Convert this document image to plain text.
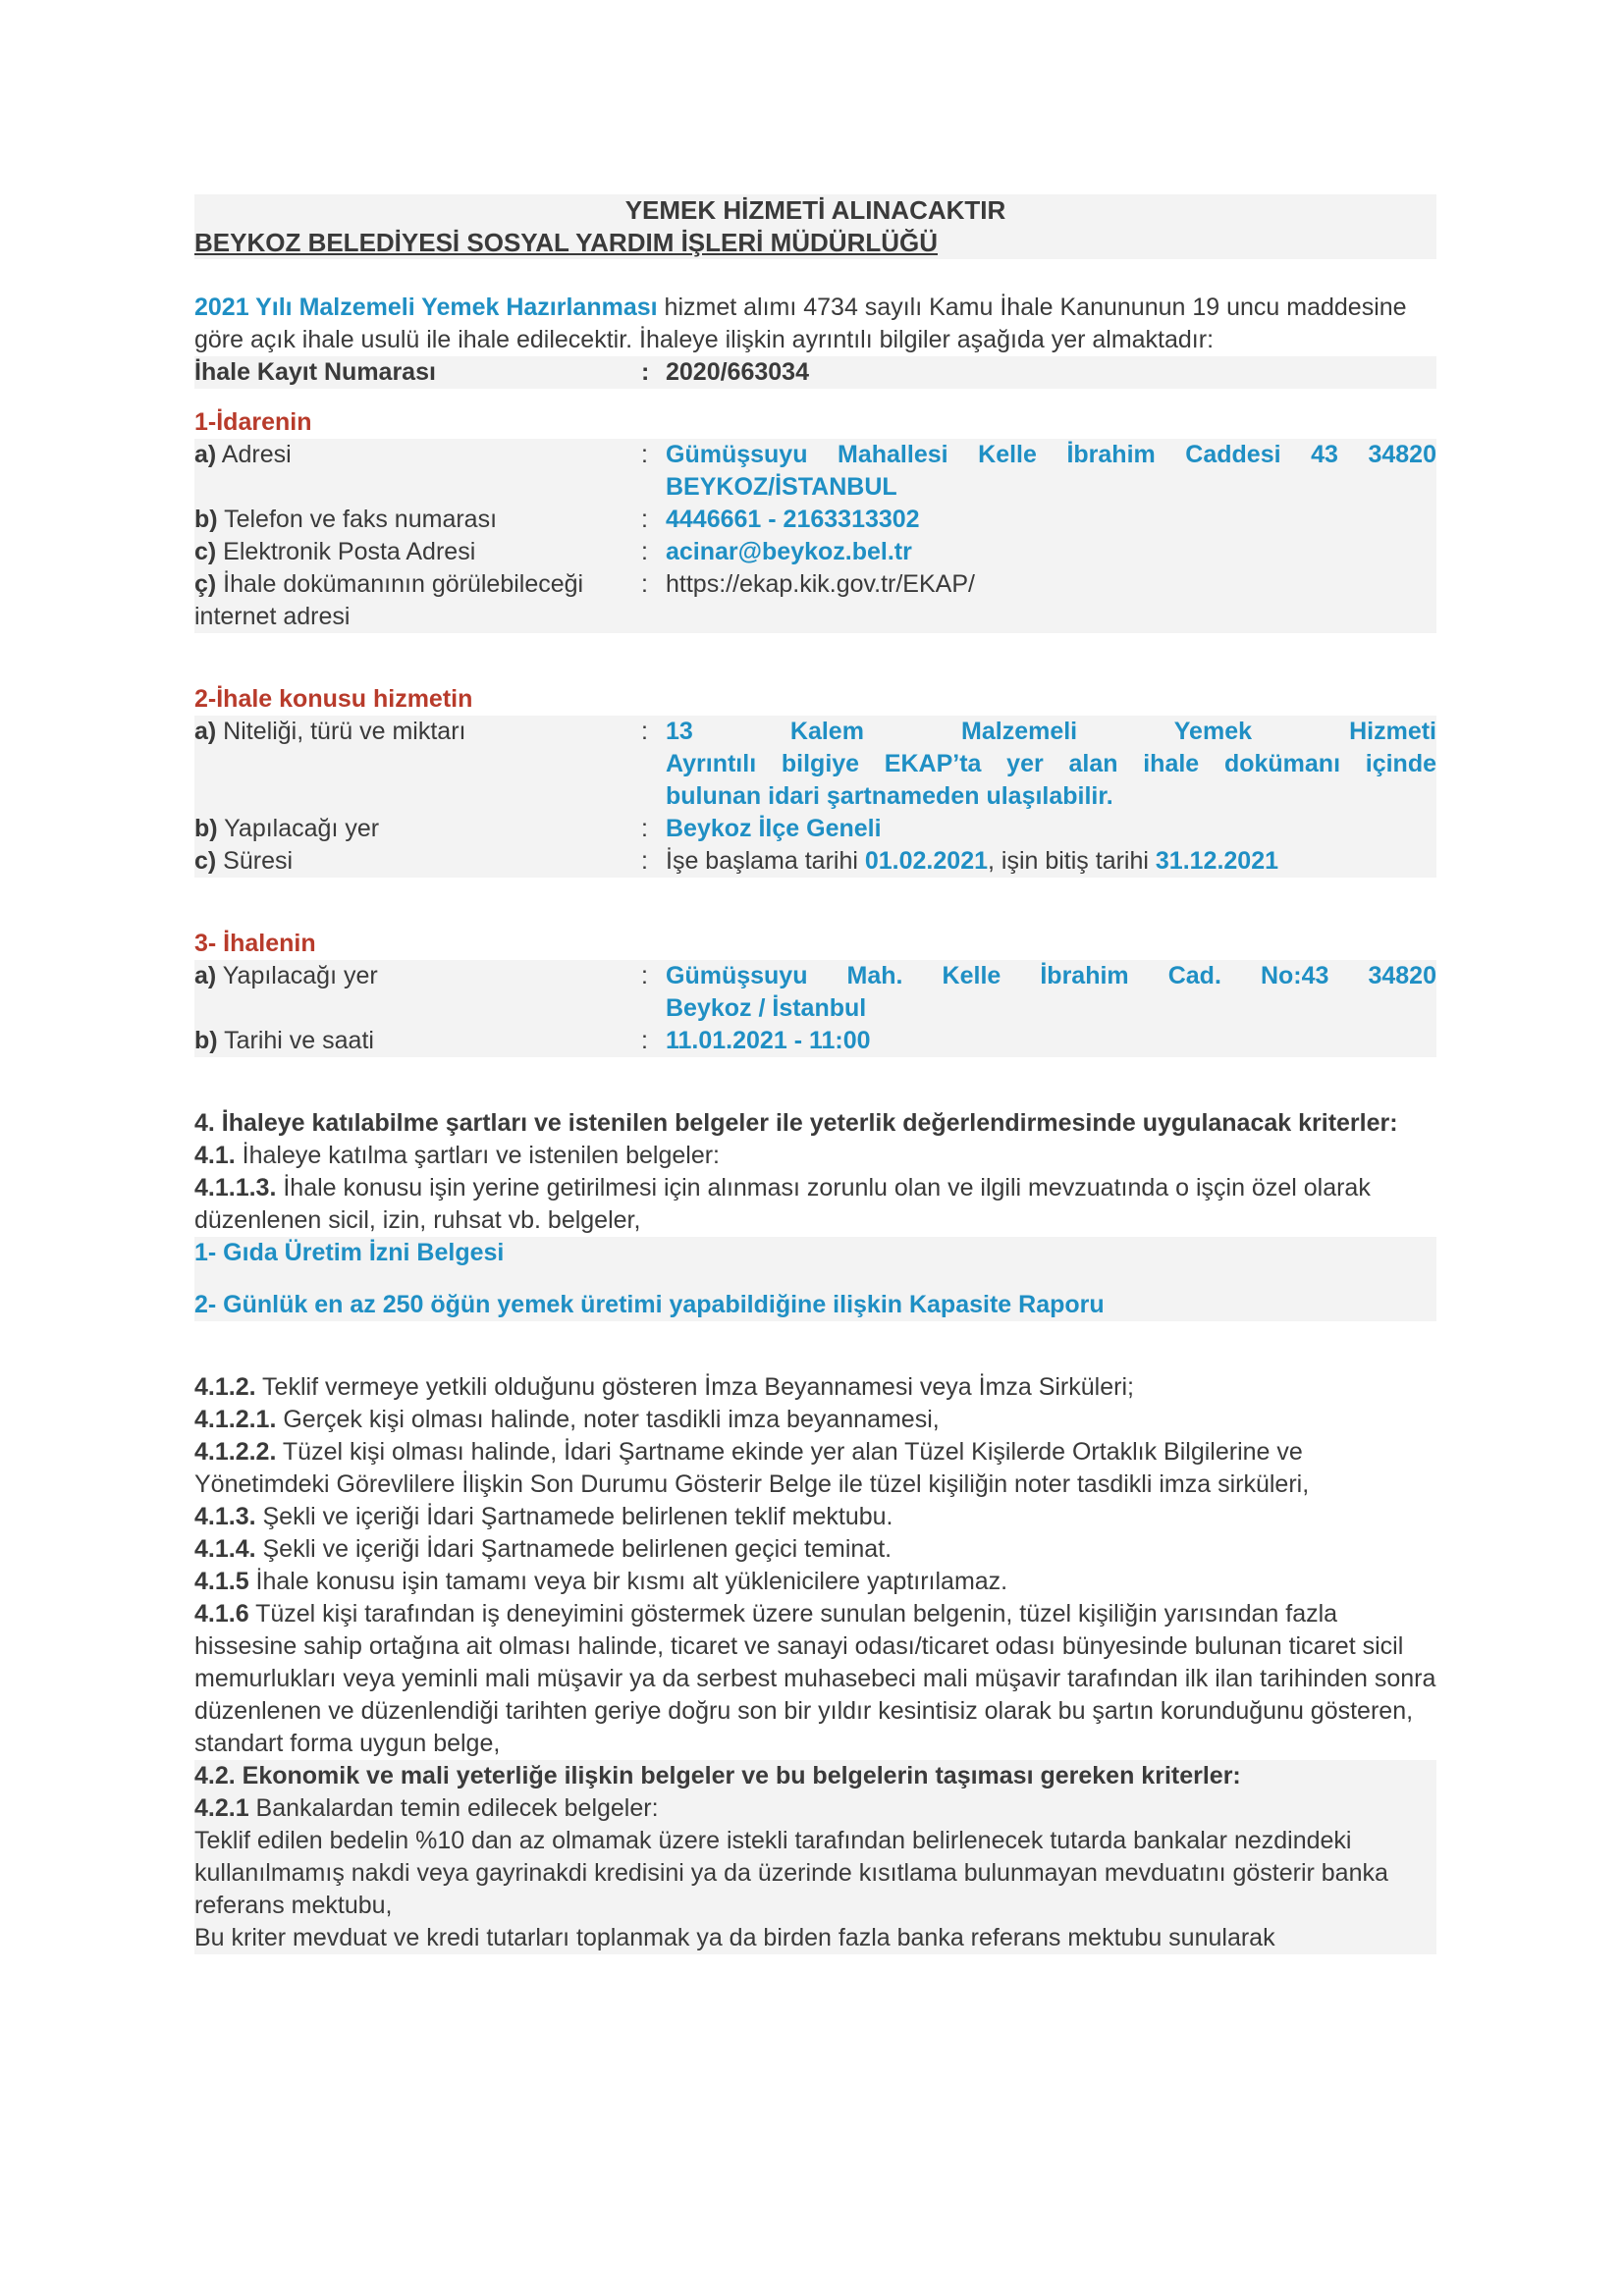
YEMEK HİZMETİ ALINACAKTIR
BEYKOZ BELEDİYESİ SOSYAL YARDIM İŞLERİ MÜDÜRLÜĞÜ

2021 Yılı Malzemeli Yemek Hazırlanması hizmet alımı 4734 sayılı Kamu İhale Kanununun 19 uncu maddesine göre açık ihale usulü ile ihale edilecektir. İhaleye ilişkin ayrıntılı bilgiler aşağıda yer almaktadır:

İhale Kayıt Numarası	: 2020/663034
1-İdarenin
a) Adresi	: Gümüşsuyu Mahallesi Kelle İbrahim Caddesi 43 34820
BEYKOZ/İSTANBUL
b) Telefon ve faks numarası	: 4446661 - 2163313302
c) Elektronik Posta Adresi	: acinar@beykoz.bel.tr
ç) İhale dokümanının görülebileceği internet adresi
: https://ekap.kik.gov.tr/EKAP/
2-İhale konusu hizmetin
a) Niteliği, türü ve miktarı	: 13 Kalem Malzemeli Yemek Hizmeti
Ayrıntılı bilgiye EKAP’ta yer alan ihale dokümanı içinde
bulunan idari şartnameden ulaşılabilir.
b) Yapılacağı yer	: Beykoz İlçe Geneli
c) Süresi	: İşe başlama tarihi 01.02.2021, işin bitiş tarihi 31.12.2021
3- İhalenin
a) Yapılacağı yer	: Gümüşsuyu Mah. Kelle İbrahim Cad. No:43 34820
Beykoz / İstanbul
b) Tarihi ve saati	: 11.01.2021 - 11:00
4. İhaleye katılabilme şartları ve istenilen belgeler ile yeterlik değerlendirmesinde uygulanacak kriterler:

4.1. İhaleye katılma şartları ve istenilen belgeler:

4.1.1.3. İhale konusu işin yerine getirilmesi için alınması zorunlu olan ve ilgili mevzuatında o işçin özel olarak düzenlenen sicil, izin, ruhsat vb. belgeler,

1- Gıda Üretim İzni Belgesi
2- Günlük en az 250 öğün yemek üretimi yapabildiğine ilişkin Kapasite Raporu

4.1.2. Teklif vermeye yetkili olduğunu gösteren İmza Beyannamesi veya İmza Sirküleri;

4.1.2.1. Gerçek kişi olması halinde, noter tasdikli imza beyannamesi,

4.1.2.2. Tüzel kişi olması halinde, İdari Şartname ekinde yer alan Tüzel Kişilerde Ortaklık Bilgilerine ve Yönetimdeki Görevlilere İlişkin Son Durumu Gösterir Belge ile tüzel kişiliğin noter tasdikli imza sirküleri,

4.1.3. Şekli ve içeriği İdari Şartnamede belirlenen teklif mektubu.

4.1.4. Şekli ve içeriği İdari Şartnamede belirlenen geçici teminat.

4.1.5 İhale konusu işin tamamı veya bir kısmı alt yüklenicilere yaptırılamaz.

4.1.6 Tüzel kişi tarafından iş deneyimini göstermek üzere sunulan belgenin, tüzel kişiliğin yarısından fazla hissesine sahip ortağına ait olması halinde, ticaret ve sanayi odası/ticaret odası bünyesinde bulunan ticaret sicil memurlukları veya yeminli mali müşavir ya da serbest muhasebeci mali müşavir tarafından ilk ilan tarihinden sonra düzenlenen ve düzenlendiği tarihten geriye doğru son bir yıldır kesintisiz olarak bu şartın korunduğunu gösteren, standart forma uygun belge,

4.2. Ekonomik ve mali yeterliğe ilişkin belgeler ve bu belgelerin taşıması gereken kriterler:

4.2.1 Bankalardan temin edilecek belgeler:

Teklif edilen bedelin %10 dan az olmamak üzere istekli tarafından belirlenecek tutarda bankalar nezdindeki kullanılmamış nakdi veya gayrinakdi kredisini ya da üzerinde kısıtlama bulunmayan mevduatını gösterir banka referans mektubu,

Bu kriter mevduat ve kredi tutarları toplanmak ya da birden fazla banka referans mektubu sunularak
